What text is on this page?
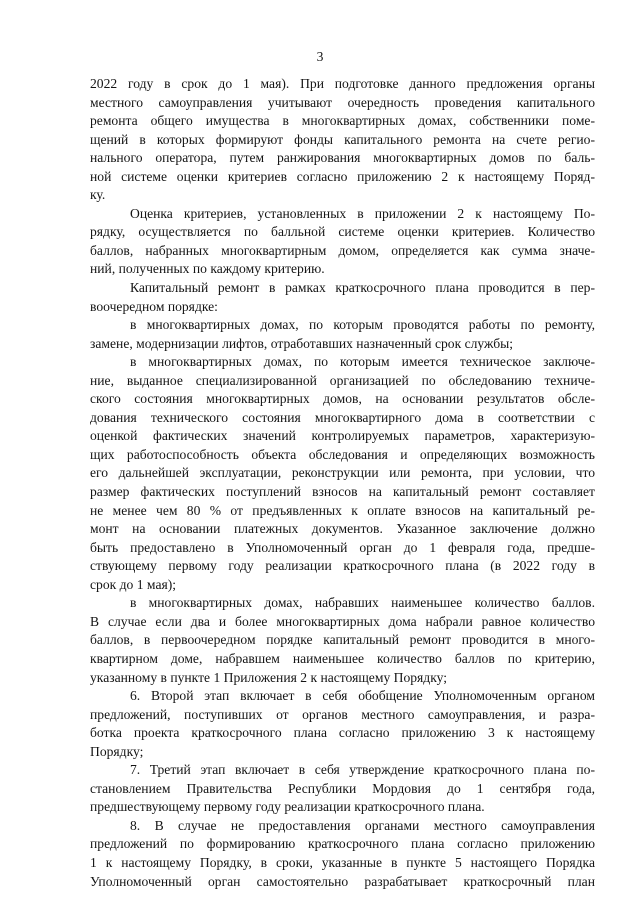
3
2022 году в срок до 1 мая). При подготовке данного предложения органы
местного самоуправления учитывают очередность проведения капитального
ремонта общего имущества в многоквартирных домах, собственники поме-
щений в которых формируют фонды капитального ремонта на счете регио-
нального оператора, путем ранжирования многоквартирных домов по баль-
ной системе оценки критериев согласно приложению 2 к настоящему Поряд-
ку.
Оценка критериев, установленных в приложении 2 к настоящему По-
рядку, осуществляется по балльной системе оценки критериев. Количество
баллов, набранных многоквартирным домом, определяется как сумма значе-
ний, полученных по каждому критерию.
Капитальный ремонт в рамках краткосрочного плана проводится в пер-
воочередном порядке:
в многоквартирных домах, по которым проводятся работы по ремонту,
замене, модернизации лифтов, отработавших назначенный срок службы;
в многоквартирных домах, по которым имеется техническое заключе-
ние, выданное специализированной организацией по обследованию техниче-
ского состояния многоквартирных домов, на основании результатов обсле-
дования технического состояния многоквартирного дома в соответствии с
оценкой фактических значений контролируемых параметров, характеризую-
щих работоспособность объекта обследования и определяющих возможность
его дальнейшей эксплуатации, реконструкции или ремонта, при условии, что
размер фактических поступлений взносов на капитальный ремонт составляет
не менее чем 80 % от предъявленных к оплате взносов на капитальный ре-
монт на основании платежных документов. Указанное заключение должно
быть предоставлено в Уполномоченный орган до 1 февраля года, предше-
ствующему первому году реализации краткосрочного плана (в 2022 году в
срок до 1 мая);
в многоквартирных домах, набравших наименьшее количество баллов.
В случае если два и более многоквартирных дома набрали равное количество
баллов, в первоочередном порядке капитальный ремонт проводится в много-
квартирном доме, набравшем наименьшее количество баллов по критерию,
указанному в пункте 1 Приложения 2 к настоящему Порядку;
6. Второй этап включает в себя обобщение Уполномоченным органом
предложений, поступивших от органов местного самоуправления, и разра-
ботка проекта краткосрочного плана согласно приложению 3 к настоящему
Порядку;
7. Третий этап включает в себя утверждение краткосрочного плана по-
становлением Правительства Республики Мордовия до 1 сентября года,
предшествующему первому году реализации краткосрочного плана.
8. В случае не предоставления органами местного самоуправления
предложений по формированию краткосрочного плана согласно приложению
1 к настоящему Порядку, в сроки, указанные в пункте 5 настоящего Порядка
Уполномоченный орган самостоятельно разрабатывает краткосрочный план
